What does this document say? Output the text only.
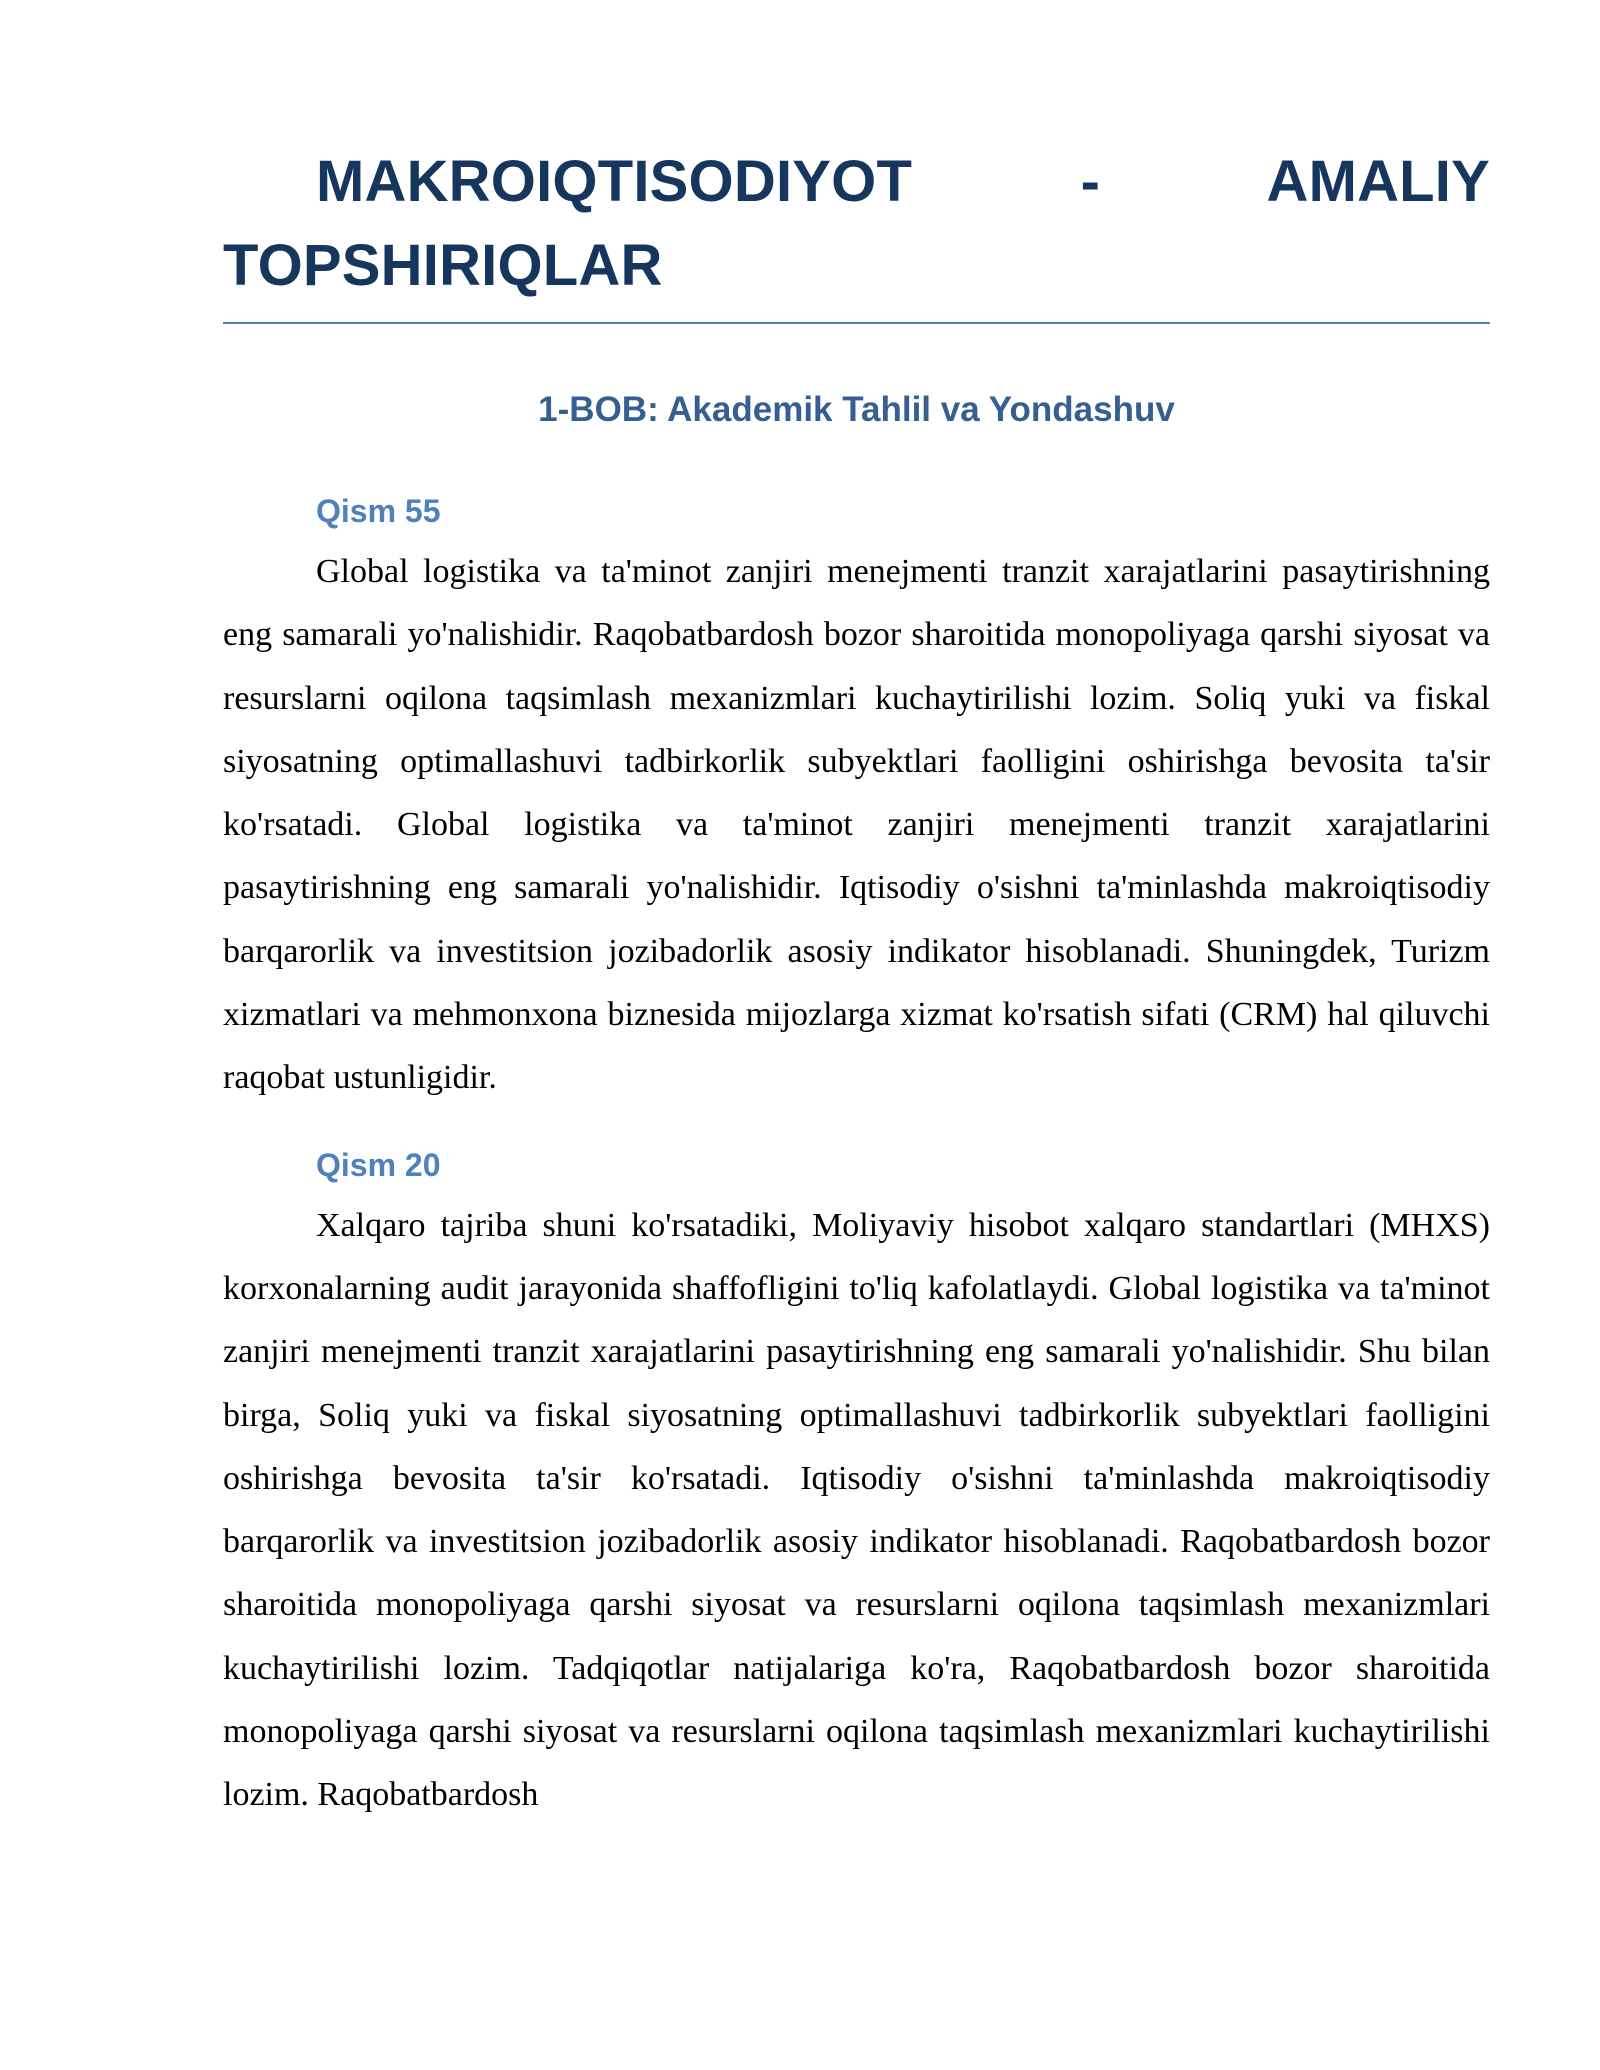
MAKROIQTISODIYOT - AMALIY TOPSHIRIQLAR
1-BOB: Akademik Tahlil va Yondashuv
Qism 55

Global logistika va ta'minot zanjiri menejmenti tranzit xarajatlarini pasaytirishning eng samarali yo'nalishidir. Raqobatbardosh bozor sharoitida monopoliyaga qarshi siyosat va resurslarni oqilona taqsimlash mexanizmlari kuchaytirilishi lozim. Soliq yuki va fiskal siyosatning optimallashuvi tadbirkorlik subyektlari faolligini oshirishga bevosita ta'sir ko'rsatadi. Global logistika va ta'minot zanjiri menejmenti tranzit xarajatlarini pasaytirishning eng samarali yo'nalishidir. Iqtisodiy o'sishni ta'minlashda makroiqtisodiy barqarorlik va investitsion jozibadorlik asosiy indikator hisoblanadi. Shuningdek, Turizm xizmatlari va mehmonxona biznesida mijozlarga xizmat ko'rsatish sifati (CRM) hal qiluvchi raqobat ustunligidir.

Qism 20

Xalqaro tajriba shuni ko'rsatadiki, Moliyaviy hisobot xalqaro standartlari (MHXS) korxonalarning audit jarayonida shaffofligini to'liq kafolatlaydi. Global logistika va ta'minot zanjiri menejmenti tranzit xarajatlarini pasaytirishning eng samarali yo'nalishidir. Shu bilan birga, Soliq yuki va fiskal siyosatning optimallashuvi tadbirkorlik subyektlari faolligini oshirishga bevosita ta'sir ko'rsatadi. Iqtisodiy o'sishni ta'minlashda makroiqtisodiy barqarorlik va investitsion jozibadorlik asosiy indikator hisoblanadi. Raqobatbardosh bozor sharoitida monopoliyaga qarshi siyosat va resurslarni oqilona taqsimlash mexanizmlari kuchaytirilishi lozim. Tadqiqotlar natijalariga ko'ra, Raqobatbardosh bozor sharoitida monopoliyaga qarshi siyosat va resurslarni oqilona taqsimlash mexanizmlari kuchaytirilishi lozim. Raqobatbardosh
